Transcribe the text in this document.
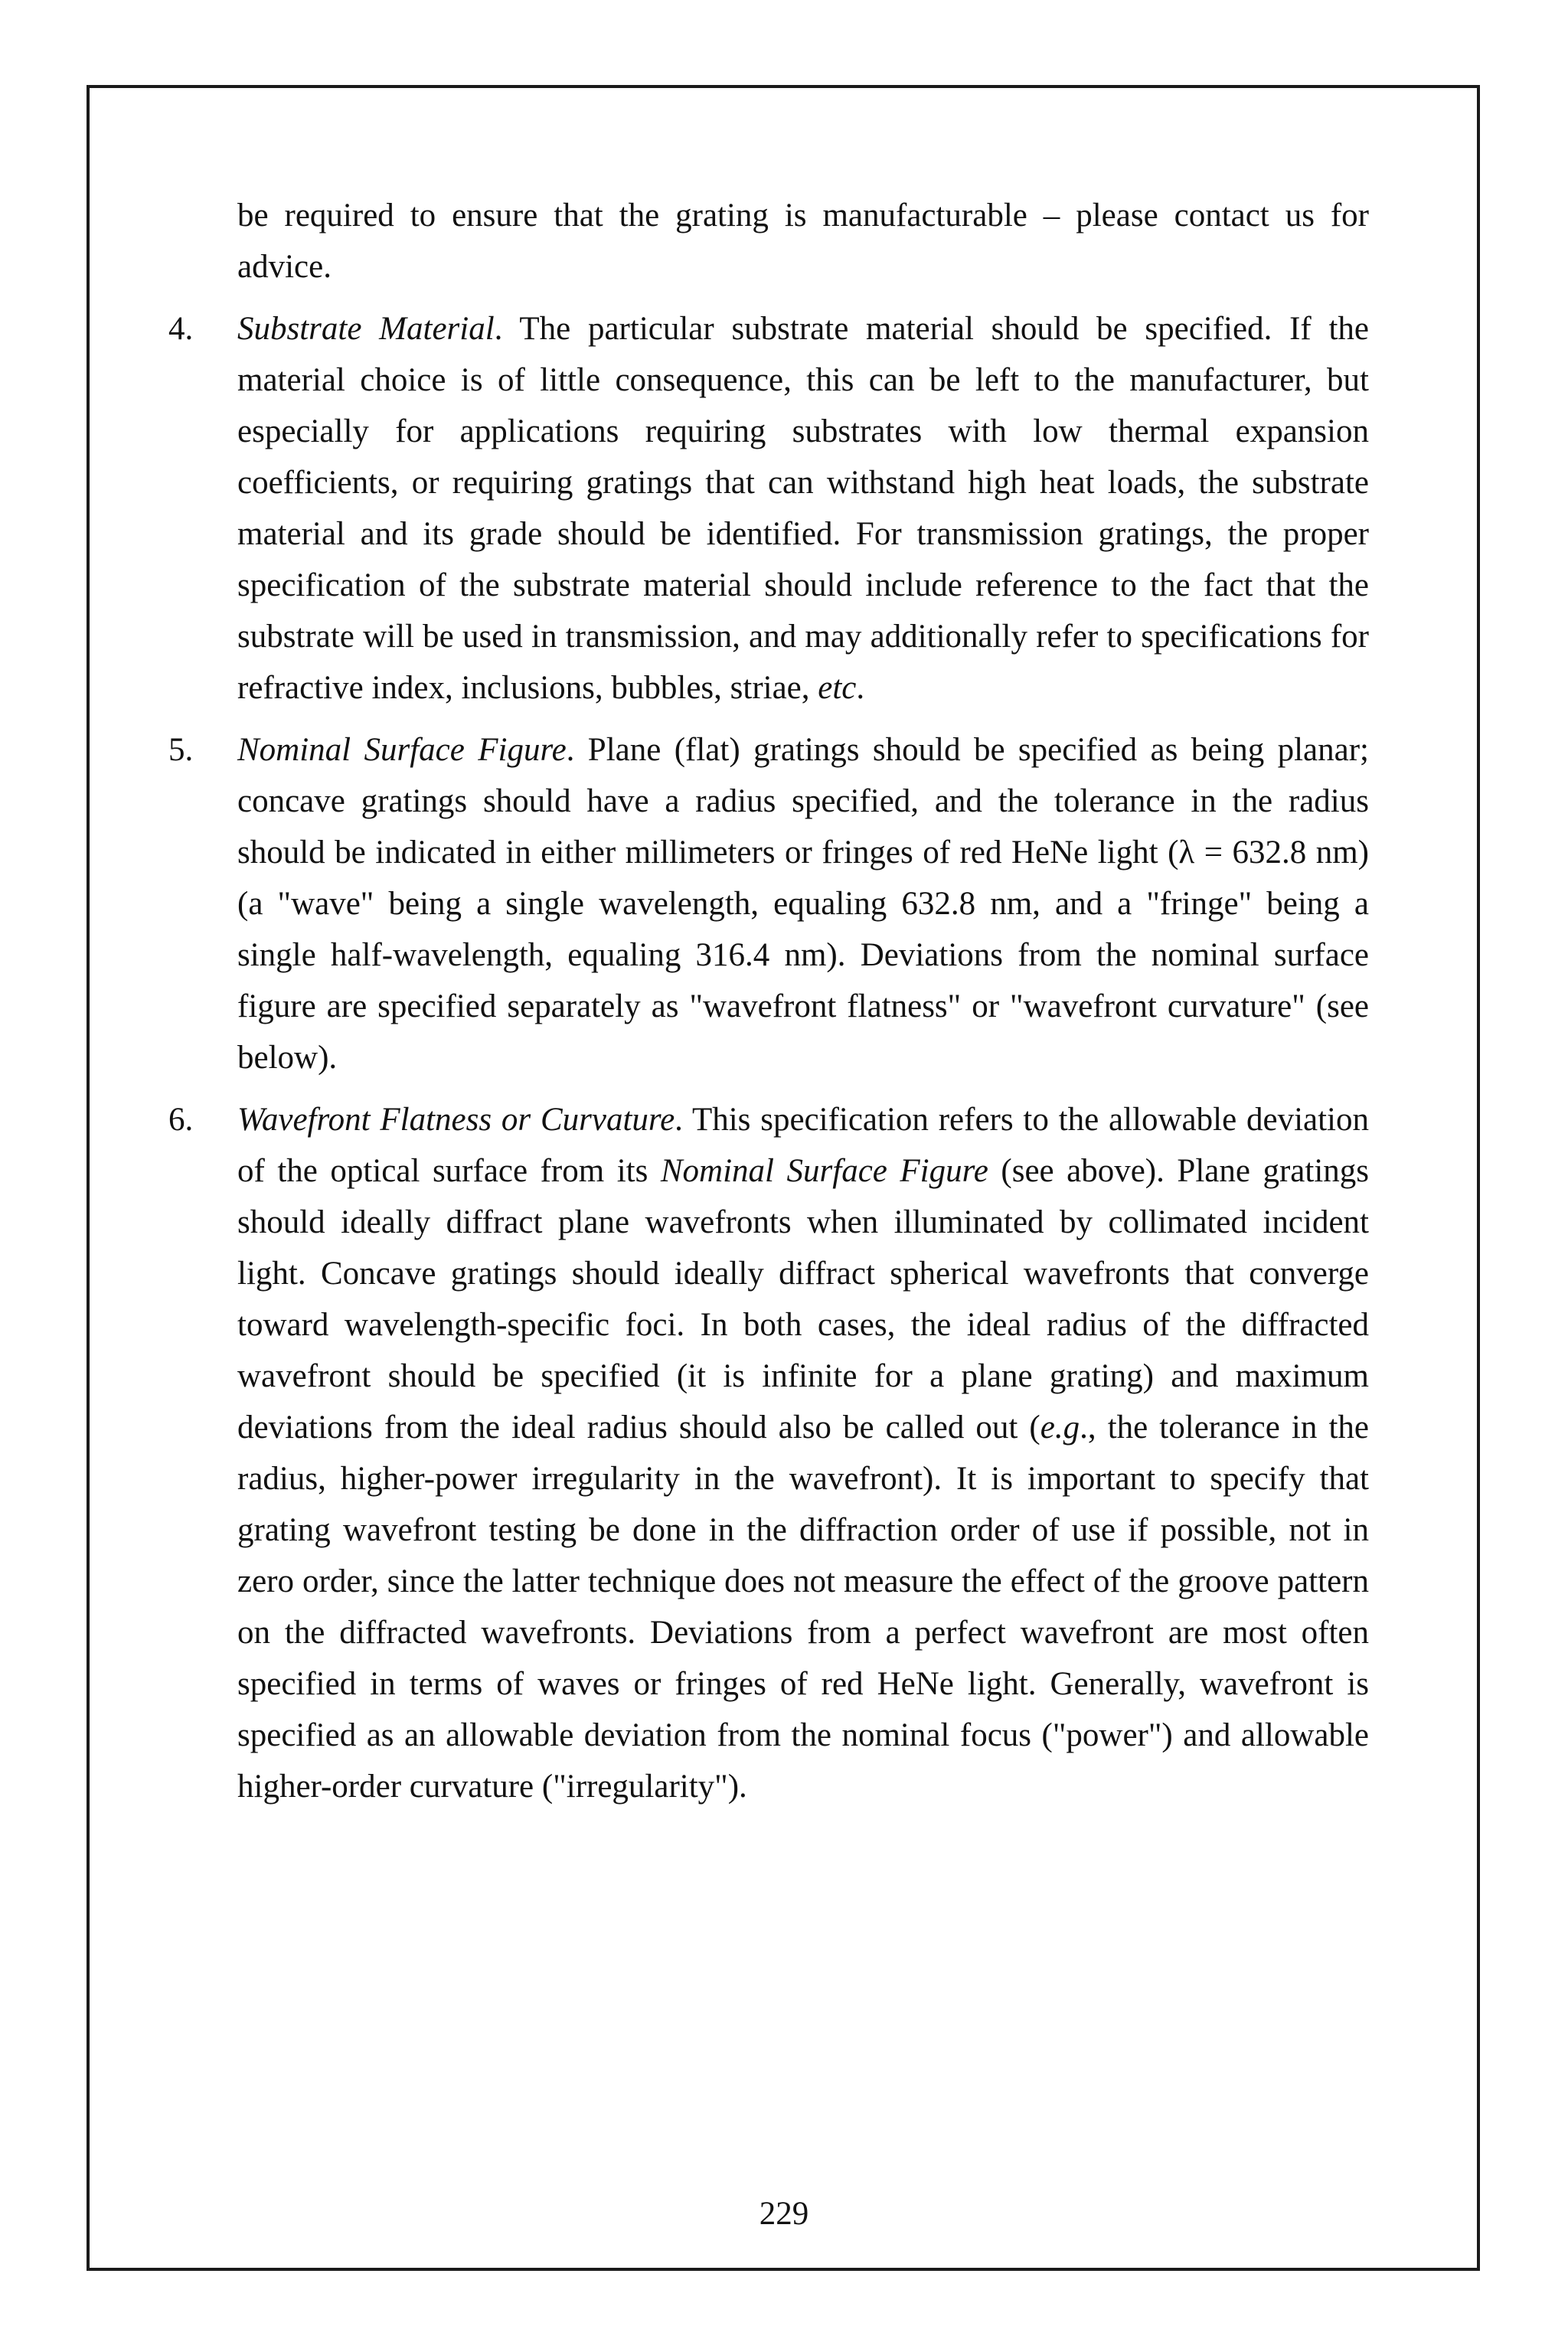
be required to ensure that the grating is manufacturable – please contact us for advice.

4. Substrate Material. The particular substrate material should be specified. If the material choice is of little consequence, this can be left to the manufacturer, but especially for applications requiring substrates with low thermal expansion coefficients, or requiring gratings that can withstand high heat loads, the substrate material and its grade should be identified. For transmission gratings, the proper specification of the substrate material should include reference to the fact that the substrate will be used in transmission, and may additionally refer to specifications for refractive index, inclusions, bubbles, striae, etc.

5. Nominal Surface Figure. Plane (flat) gratings should be specified as being planar; concave gratings should have a radius specified, and the tolerance in the radius should be indicated in either millimeters or fringes of red HeNe light (λ = 632.8 nm) (a "wave" being a single wavelength, equaling 632.8 nm, and a "fringe" being a single half-wavelength, equaling 316.4 nm). Deviations from the nominal surface figure are specified separately as "wavefront flatness" or "wavefront curvature" (see below).

6. Wavefront Flatness or Curvature. This specification refers to the allowable deviation of the optical surface from its Nominal Surface Figure (see above). Plane gratings should ideally diffract plane wavefronts when illuminated by collimated incident light. Concave gratings should ideally diffract spherical wavefronts that converge toward wavelength-specific foci. In both cases, the ideal radius of the diffracted wavefront should be specified (it is infinite for a plane grating) and maximum deviations from the ideal radius should also be called out (e.g., the tolerance in the radius, higher-power irregularity in the wavefront). It is important to specify that grating wavefront testing be done in the diffraction order of use if possible, not in zero order, since the latter technique does not measure the effect of the groove pattern on the diffracted wavefronts. Deviations from a perfect wavefront are most often specified in terms of waves or fringes of red HeNe light. Generally, wavefront is specified as an allowable deviation from the nominal focus ("power") and allowable higher-order curvature ("irregularity").

229
